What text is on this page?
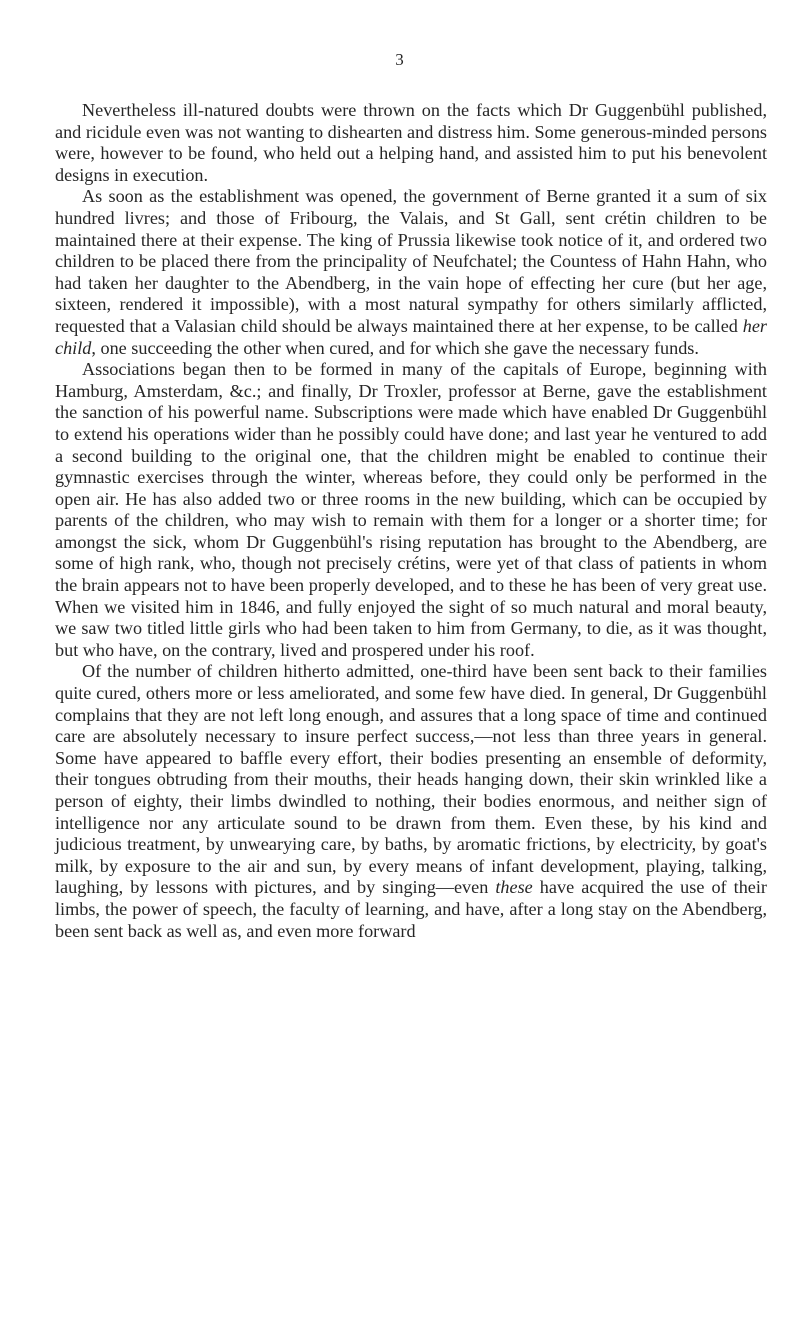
3

Nevertheless ill-natured doubts were thrown on the facts which Dr Guggenbühl published, and ricidule even was not wanting to dishearten and distress him. Some generous-minded persons were, however to be found, who held out a helping hand, and assisted him to put his benevolent designs in execution.

As soon as the establishment was opened, the government of Berne granted it a sum of six hundred livres; and those of Fribourg, the Valais, and St Gall, sent crétin children to be maintained there at their expense. The king of Prussia likewise took notice of it, and ordered two children to be placed there from the principality of Neufchatel; the Countess of Hahn Hahn, who had taken her daughter to the Abendberg, in the vain hope of effecting her cure (but her age, sixteen, rendered it impossible), with a most natural sympathy for others similarly afflicted, requested that a Valasian child should be always maintained there at her expense, to be called her child, one succeeding the other when cured, and for which she gave the necessary funds.

Associations began then to be formed in many of the capitals of Europe, beginning with Hamburg, Amsterdam, &c.; and finally, Dr Troxler, professor at Berne, gave the establishment the sanction of his powerful name. Subscriptions were made which have enabled Dr Guggenbühl to extend his operations wider than he possibly could have done; and last year he ventured to add a second building to the original one, that the children might be enabled to continue their gymnastic exercises through the winter, whereas before, they could only be performed in the open air. He has also added two or three rooms in the new building, which can be occupied by parents of the children, who may wish to remain with them for a longer or a shorter time; for amongst the sick, whom Dr Guggenbühl's rising reputation has brought to the Abendberg, are some of high rank, who, though not precisely crétins, were yet of that class of patients in whom the brain appears not to have been properly developed, and to these he has been of very great use. When we visited him in 1846, and fully enjoyed the sight of so much natural and moral beauty, we saw two titled little girls who had been taken to him from Germany, to die, as it was thought, but who have, on the contrary, lived and prospered under his roof.

Of the number of children hitherto admitted, one-third have been sent back to their families quite cured, others more or less ameliorated, and some few have died. In general, Dr Guggenbühl complains that they are not left long enough, and assures that a long space of time and continued care are absolutely necessary to insure perfect success,—not less than three years in general. Some have appeared to baffle every effort, their bodies presenting an ensemble of deformity, their tongues obtruding from their mouths, their heads hanging down, their skin wrinkled like a person of eighty, their limbs dwindled to nothing, their bodies enormous, and neither sign of intelligence nor any articulate sound to be drawn from them. Even these, by his kind and judicious treatment, by unwearying care, by baths, by aromatic frictions, by electricity, by goat's milk, by exposure to the air and sun, by every means of infant development, playing, talking, laughing, by lessons with pictures, and by singing—even these have acquired the use of their limbs, the power of speech, the faculty of learning, and have, after a long stay on the Abendberg, been sent back as well as, and even more forward
